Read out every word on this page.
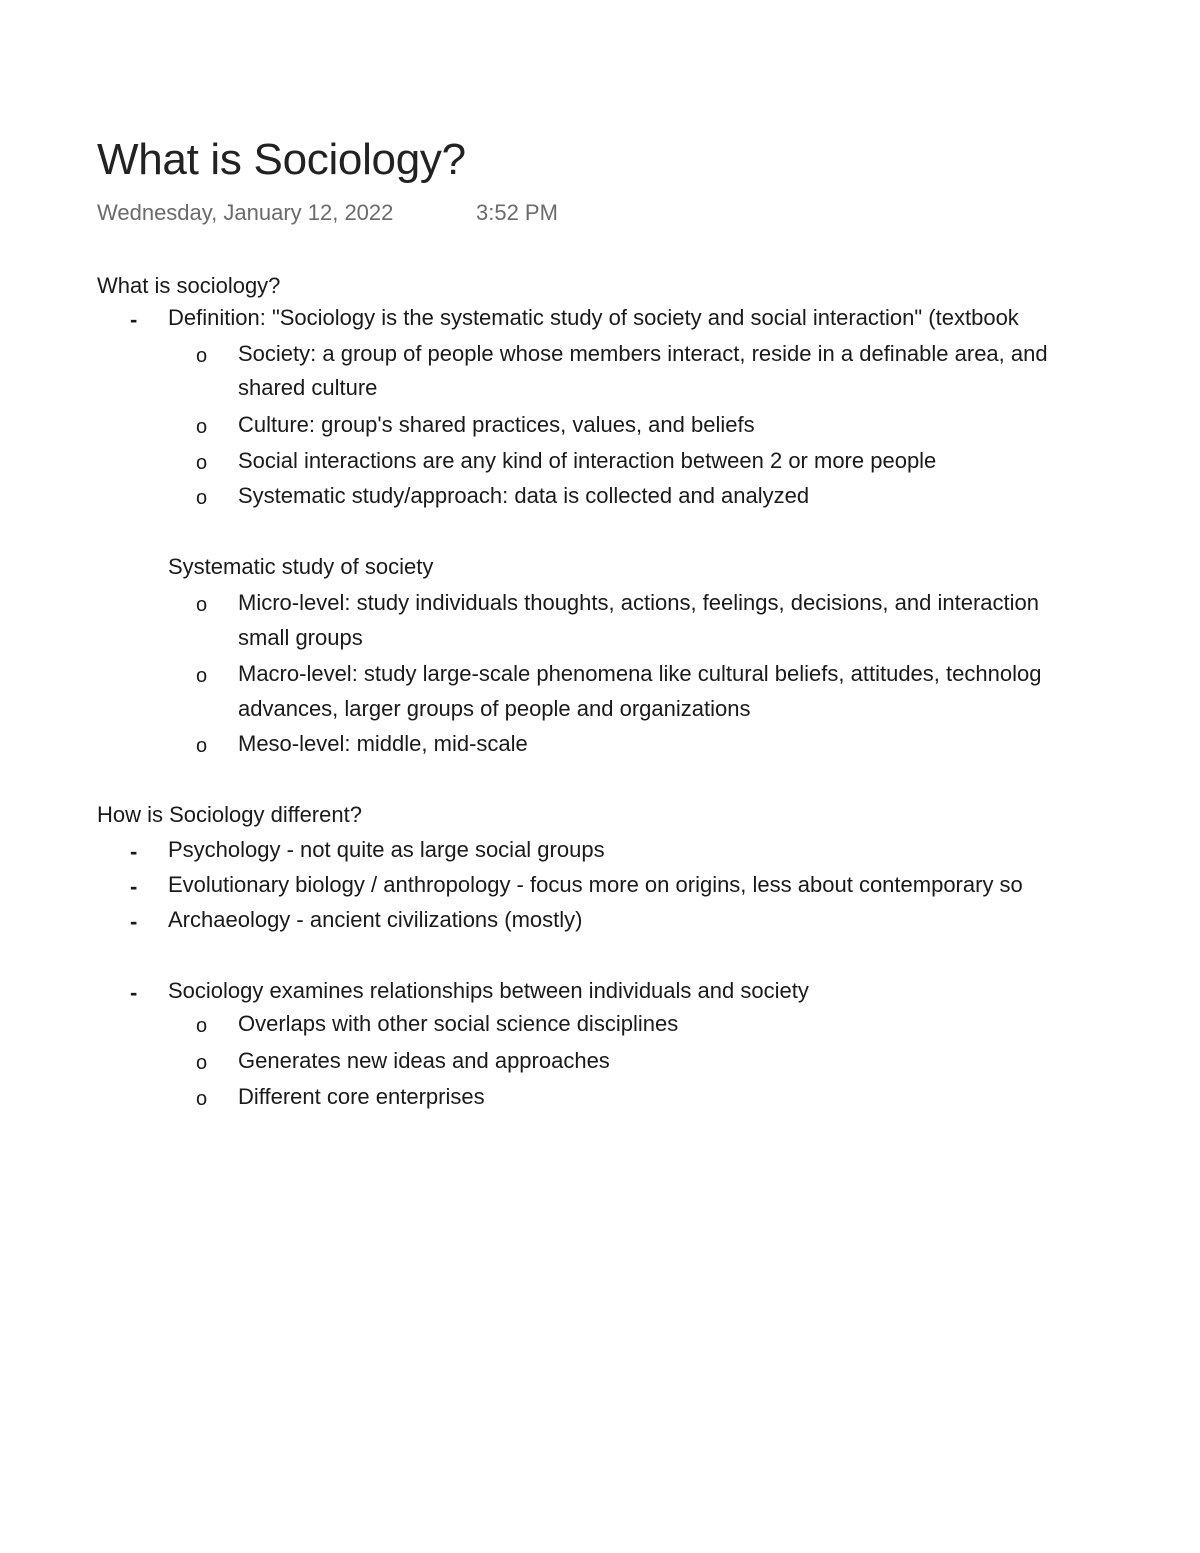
What is Sociology?
Wednesday, January 12, 2022	3:52 PM
What is sociology?
- Definition: "Sociology is the systematic study of society and social interaction" (textbook
o Society: a group of people whose members interact, reside in a definable area, and
shared culture
o Culture: group's shared practices, values, and beliefs
o Social interactions are any kind of interaction between 2 or more people
o Systematic study/approach: data is collected and analyzed
Systematic study of society
o Micro-level: study individuals thoughts, actions, feelings, decisions, and interaction
small groups
o Macro-level: study large-scale phenomena like cultural beliefs, attitudes, technolog
advances, larger groups of people and organizations
o Meso-level: middle, mid-scale
How is Sociology different?
- Psychology - not quite as large social groups
- Evolutionary biology / anthropology - focus more on origins, less about contemporary so
- Archaeology - ancient civilizations (mostly)
- Sociology examines relationships between individuals and society
o Overlaps with other social science disciplines
o Generates new ideas and approaches
o Different core enterprises
